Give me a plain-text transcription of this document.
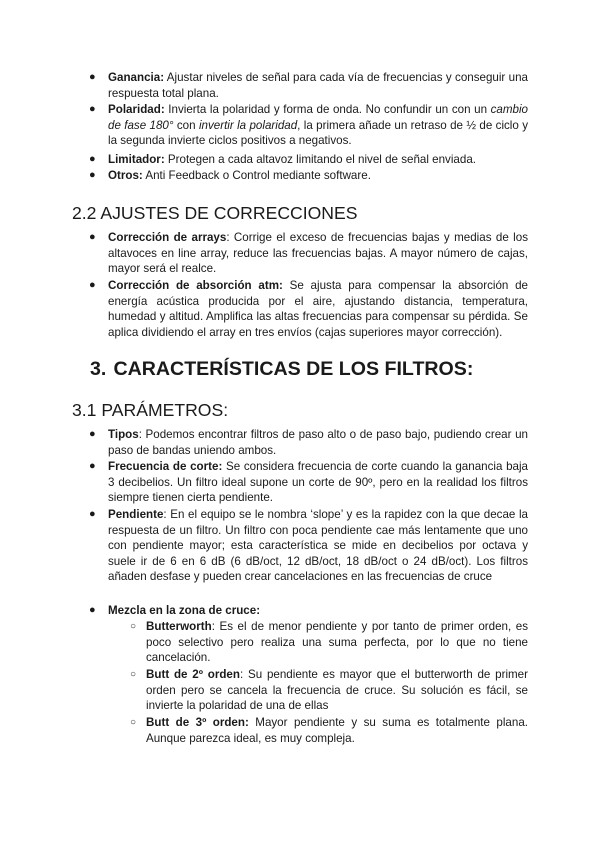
● Ganancia: Ajustar niveles de señal para cada vía de frecuencias y conseguir una respuesta total plana.
● Polaridad: Invierta la polaridad y forma de onda. No confundir un con un cambio de fase 180° con invertir la polaridad, la primera añade un retraso de ½ de ciclo y la segunda invierte ciclos positivos a negativos.
● Limitador: Protegen a cada altavoz limitando el nivel de señal enviada.
● Otros: Anti Feedback o Control mediante software.
2.2 AJUSTES DE CORRECCIONES
● Corrección de arrays: Corrige el exceso de frecuencias bajas y medias de los altavoces en line array, reduce las frecuencias bajas. A mayor número de cajas, mayor será el realce.
● Corrección de absorción atm: Se ajusta para compensar la absorción de energía acústica producida por el aire, ajustando distancia, temperatura, humedad y altitud. Amplifica las altas frecuencias para compensar su pérdida. Se aplica dividiendo el array en tres envíos (cajas superiores mayor corrección).
3. CARACTERÍSTICAS DE LOS FILTROS:
3.1 PARÁMETROS:
● Tipos: Podemos encontrar filtros de paso alto o de paso bajo, pudiendo crear un paso de bandas uniendo ambos.
● Frecuencia de corte: Se considera frecuencia de corte cuando la ganancia baja 3 decibelios. Un filtro ideal supone un corte de 90º, pero en la realidad los filtros siempre tienen cierta pendiente.
● Pendiente: En el equipo se le nombra ‘slope’ y es la rapidez con la que decae la respuesta de un filtro. Un filtro con poca pendiente cae más lentamente que uno con pendiente mayor; esta característica se mide en decibelios por octava y suele ir de 6 en 6 dB (6 dB/oct, 12 dB/oct, 18 dB/oct o 24 dB/oct). Los filtros añaden desfase y pueden crear cancelaciones en las frecuencias de cruce
● Mezcla en la zona de cruce:
○ Butterworth: Es el de menor pendiente y por tanto de primer orden, es poco selectivo pero realiza una suma perfecta, por lo que no tiene cancelación.
○ Butt de 2º orden: Su pendiente es mayor que el butterworth de primer orden pero se cancela la frecuencia de cruce. Su solución es fácil, se invierte la polaridad de una de ellas
○ Butt de 3º orden: Mayor pendiente y su suma es totalmente plana. Aunque parezca ideal, es muy compleja.
